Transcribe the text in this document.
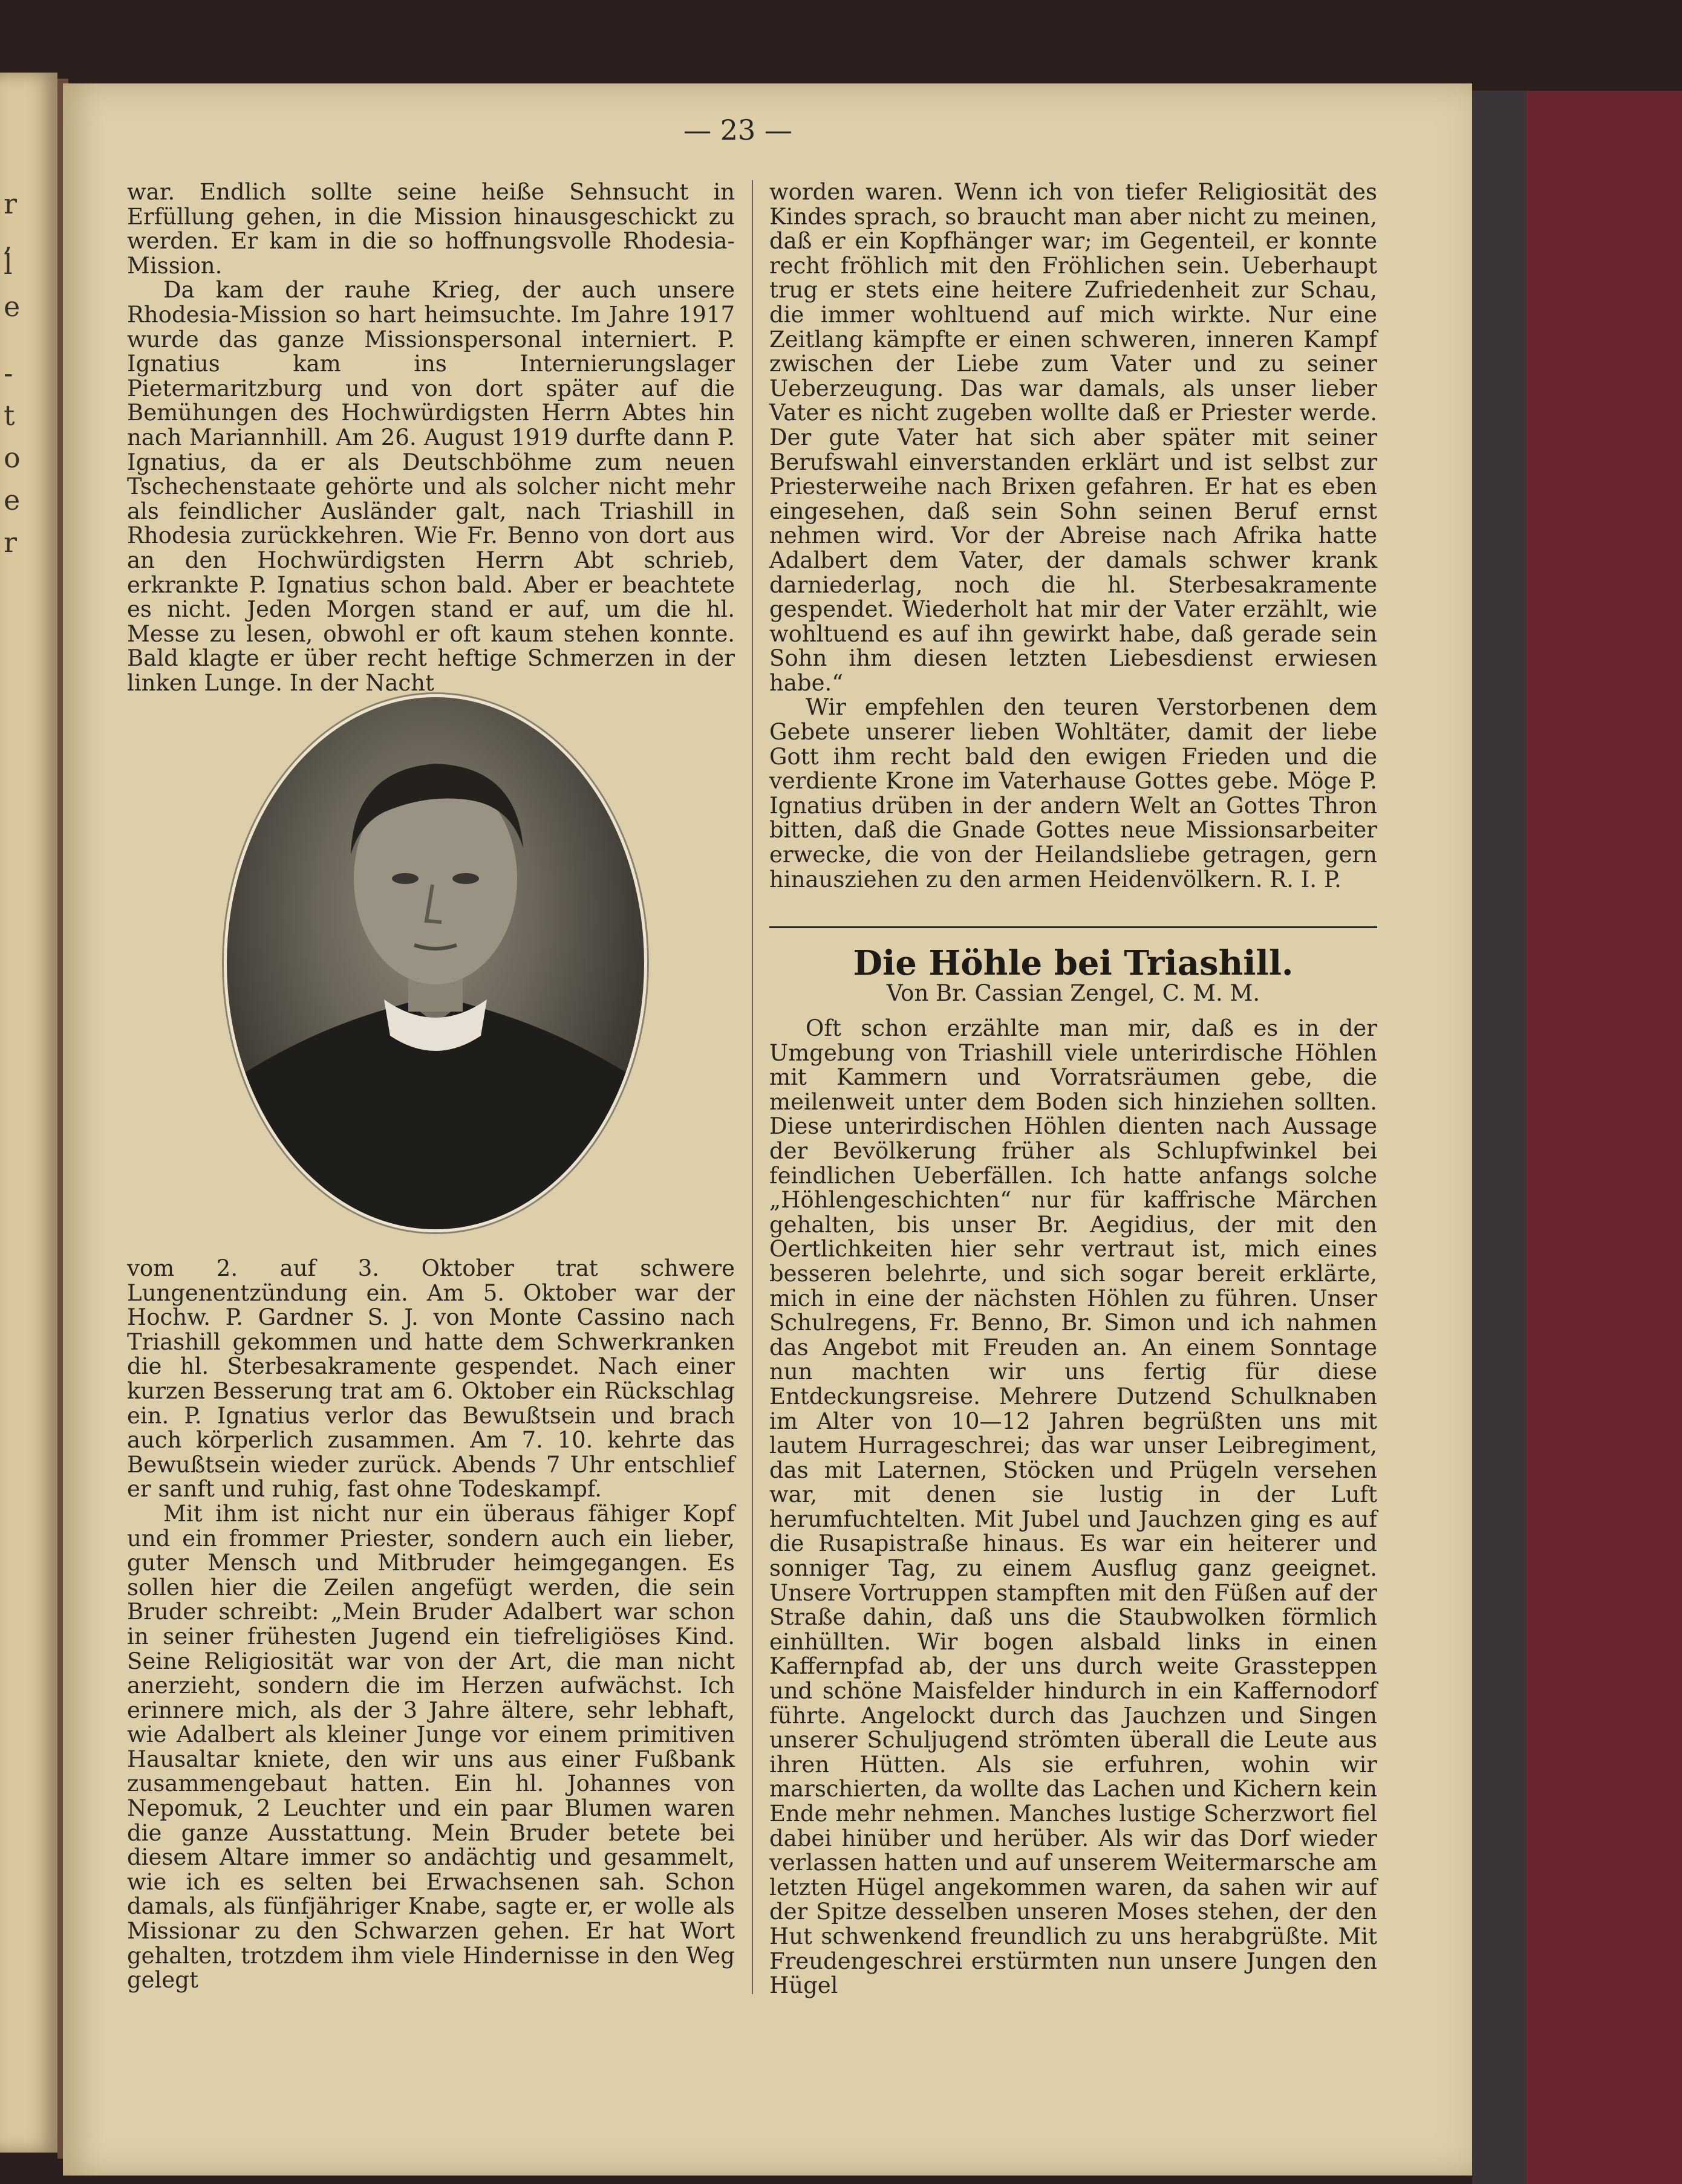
r
,
l
e
-
t
o
e
r
— 23 —

war. Endlich sollte seine heiße Sehnsucht in Erfüllung gehen, in die Mission hinausgeschickt zu werden. Er kam in die so hoffnungsvolle Rhodesia-Mission.

Da kam der rauhe Krieg, der auch unsere Rhodesia-Mission so hart heimsuchte. Im Jahre 1917 wurde das ganze Missionspersonal interniert. P. Ignatius kam ins Internierungslager Pietermaritzburg und von dort später auf die Bemühungen des Hochwürdigsten Herrn Abtes hin nach Mariannhill. Am 26. August 1919 durfte dann P. Ignatius, da er als Deutschböhme zum neuen Tschechenstaate gehörte und als solcher nicht mehr als feindlicher Ausländer galt, nach Triashill in Rhodesia zurückkehren. Wie Fr. Benno von dort aus an den Hochwürdigsten Herrn Abt schrieb, erkrankte P. Ignatius schon bald. Aber er beachtete es nicht. Jeden Morgen stand er auf, um die hl. Messe zu lesen, obwohl er oft kaum stehen konnte. Bald klagte er über recht heftige Schmerzen in der linken Lunge. In der Nacht

vom 2. auf 3. Oktober trat schwere Lungenentzündung ein. Am 5. Oktober war der Hochw. P. Gardner S. J. von Monte Cassino nach Triashill gekommen und hatte dem Schwerkranken die hl. Sterbesakramente gespendet. Nach einer kurzen Besserung trat am 6. Oktober ein Rückschlag ein. P. Ignatius verlor das Bewußtsein und brach auch körperlich zusammen. Am 7. 10. kehrte das Bewußtsein wieder zurück. Abends 7 Uhr entschlief er sanft und ruhig, fast ohne Todeskampf.

Mit ihm ist nicht nur ein überaus fähiger Kopf und ein frommer Priester, sondern auch ein lieber, guter Mensch und Mitbruder heimgegangen. Es sollen hier die Zeilen angefügt werden, die sein Bruder schreibt: „Mein Bruder Adalbert war schon in seiner frühesten Jugend ein tiefreligiöses Kind. Seine Religiosität war von der Art, die man nicht anerzieht, sondern die im Herzen aufwächst. Ich erinnere mich, als der 3 Jahre ältere, sehr lebhaft, wie Adalbert als kleiner Junge vor einem primitiven Hausaltar kniete, den wir uns aus einer Fußbank zusammengebaut hatten. Ein hl. Johannes von Nepomuk, 2 Leuchter und ein paar Blumen waren die ganze Ausstattung. Mein Bruder betete bei diesem Altare immer so andächtig und gesammelt, wie ich es selten bei Erwachsenen sah. Schon damals, als fünfjähriger Knabe, sagte er, er wolle als Missionar zu den Schwarzen gehen. Er hat Wort gehalten, trotzdem ihm viele Hindernisse in den Weg gelegt

worden waren. Wenn ich von tiefer Religiosität des Kindes sprach, so braucht man aber nicht zu meinen, daß er ein Kopfhänger war; im Gegenteil, er konnte recht fröhlich mit den Fröhlichen sein. Ueberhaupt trug er stets eine heitere Zufriedenheit zur Schau, die immer wohltuend auf mich wirkte. Nur eine Zeitlang kämpfte er einen schweren, inneren Kampf zwischen der Liebe zum Vater und zu seiner Ueberzeugung. Das war damals, als unser lieber Vater es nicht zugeben wollte daß er Priester werde. Der gute Vater hat sich aber später mit seiner Berufswahl einverstanden erklärt und ist selbst zur Priesterweihe nach Brixen gefahren. Er hat es eben eingesehen, daß sein Sohn seinen Beruf ernst nehmen wird. Vor der Abreise nach Afrika hatte Adalbert dem Vater, der damals schwer krank darniederlag, noch die hl. Sterbesakramente gespendet. Wiederholt hat mir der Vater erzählt, wie wohltuend es auf ihn gewirkt habe, daß gerade sein Sohn ihm diesen letzten Liebesdienst erwiesen habe.“

Wir empfehlen den teuren Verstorbenen dem Gebete unserer lieben Wohltäter, damit der liebe Gott ihm recht bald den ewigen Frieden und die verdiente Krone im Vaterhause Gottes gebe. Möge P. Ignatius drüben in der andern Welt an Gottes Thron bitten, daß die Gnade Gottes neue Missionsarbeiter erwecke, die von der Heilandsliebe getragen, gern hinausziehen zu den armen Heidenvölkern. R. I. P.

Die Höhle bei Triashill.
Von Br. Cassian Zengel, C. M. M.

Oft schon erzählte man mir, daß es in der Umgebung von Triashill viele unterirdische Höhlen mit Kammern und Vorratsräumen gebe, die meilenweit unter dem Boden sich hinziehen sollten. Diese unterirdischen Höhlen dienten nach Aussage der Bevölkerung früher als Schlupfwinkel bei feindlichen Ueberfällen. Ich hatte anfangs solche „Höhlengeschichten“ nur für kaffrische Märchen gehalten, bis unser Br. Aegidius, der mit den Oertlichkeiten hier sehr vertraut ist, mich eines besseren belehrte, und sich sogar bereit erklärte, mich in eine der nächsten Höhlen zu führen. Unser Schulregens, Fr. Benno, Br. Simon und ich nahmen das Angebot mit Freuden an. An einem Sonntage nun machten wir uns fertig für diese Entdeckungsreise. Mehrere Dutzend Schulknaben im Alter von 10—12 Jahren begrüßten uns mit lautem Hurrageschrei; das war unser Leibregiment, das mit Laternen, Stöcken und Prügeln versehen war, mit denen sie lustig in der Luft herumfuchtelten. Mit Jubel und Jauchzen ging es auf die Rusapistraße hinaus. Es war ein heiterer und sonniger Tag, zu einem Ausflug ganz geeignet. Unsere Vortruppen stampften mit den Füßen auf der Straße dahin, daß uns die Staubwolken förmlich einhüllten. Wir bogen alsbald links in einen Kaffernpfad ab, der uns durch weite Grassteppen und schöne Maisfelder hindurch in ein Kaffernodorf führte. Angelockt durch das Jauchzen und Singen unserer Schuljugend strömten überall die Leute aus ihren Hütten. Als sie erfuhren, wohin wir marschierten, da wollte das Lachen und Kichern kein Ende mehr nehmen. Manches lustige Scherzwort fiel dabei hinüber und herüber. Als wir das Dorf wieder verlassen hatten und auf unserem Weitermarsche am letzten Hügel angekommen waren, da sahen wir auf der Spitze desselben unseren Moses stehen, der den Hut schwenkend freundlich zu uns herabgrüßte. Mit Freudengeschrei erstürmten nun unsere Jungen den Hügel
